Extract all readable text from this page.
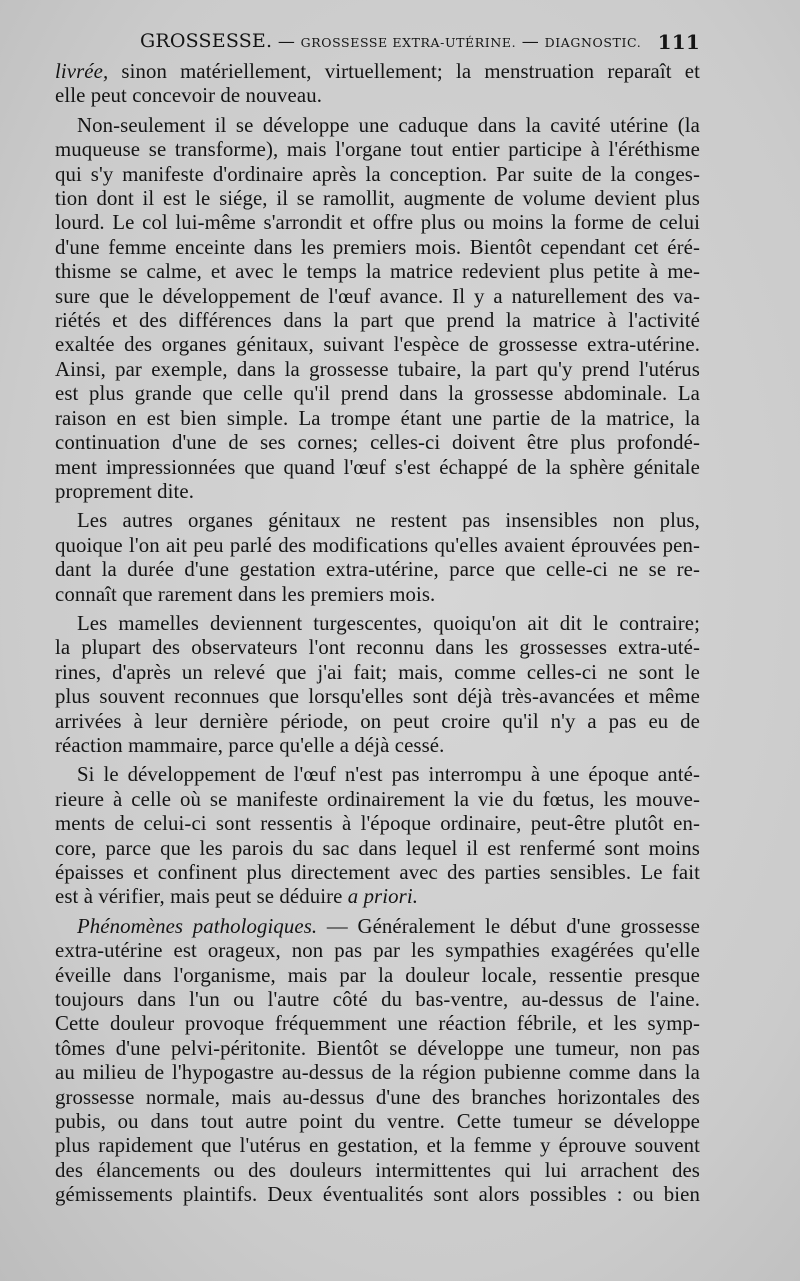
GROSSESSE. — GROSSESSE EXTRA-UTÉRINE. — DIAGNOSTIC. 111
livrée, sinon matériellement, virtuellement; la menstruation reparaît et
elle peut concevoir de nouveau.
Non-seulement il se développe une caduque dans la cavité utérine (la
muqueuse se transforme), mais l'organe tout entier participe à l'éréthisme
qui s'y manifeste d'ordinaire après la conception. Par suite de la conges-
tion dont il est le siége, il se ramollit, augmente de volume devient plus
lourd. Le col lui-même s'arrondit et offre plus ou moins la forme de celui
d'une femme enceinte dans les premiers mois. Bientôt cependant cet éré-
thisme se calme, et avec le temps la matrice redevient plus petite à me-
sure que le développement de l'œuf avance. Il y a naturellement des va-
riétés et des différences dans la part que prend la matrice à l'activité
exaltée des organes génitaux, suivant l'espèce de grossesse extra-utérine.
Ainsi, par exemple, dans la grossesse tubaire, la part qu'y prend l'utérus
est plus grande que celle qu'il prend dans la grossesse abdominale. La
raison en est bien simple. La trompe étant une partie de la matrice, la
continuation d'une de ses cornes; celles-ci doivent être plus profondé-
ment impressionnées que quand l'œuf s'est échappé de la sphère génitale
proprement dite.
Les autres organes génitaux ne restent pas insensibles non plus,
quoique l'on ait peu parlé des modifications qu'elles avaient éprouvées pen-
dant la durée d'une gestation extra-utérine, parce que celle-ci ne se re-
connaît que rarement dans les premiers mois.
Les mamelles deviennent turgescentes, quoiqu'on ait dit le contraire;
la plupart des observateurs l'ont reconnu dans les grossesses extra-uté-
rines, d'après un relevé que j'ai fait; mais, comme celles-ci ne sont le
plus souvent reconnues que lorsqu'elles sont déjà très-avancées et même
arrivées à leur dernière période, on peut croire qu'il n'y a pas eu de
réaction mammaire, parce qu'elle a déjà cessé.
Si le développement de l'œuf n'est pas interrompu à une époque anté-
rieure à celle où se manifeste ordinairement la vie du fœtus, les mouve-
ments de celui-ci sont ressentis à l'époque ordinaire, peut-être plutôt en-
core, parce que les parois du sac dans lequel il est renfermé sont moins
épaisses et confinent plus directement avec des parties sensibles. Le fait
est à vérifier, mais peut se déduire a priori.
Phénomènes pathologiques. — Généralement le début d'une grossesse
extra-utérine est orageux, non pas par les sympathies exagérées qu'elle
éveille dans l'organisme, mais par la douleur locale, ressentie presque
toujours dans l'un ou l'autre côté du bas-ventre, au-dessus de l'aine.
Cette douleur provoque fréquemment une réaction fébrile, et les symp-
tômes d'une pelvi-péritonite. Bientôt se développe une tumeur, non pas
au milieu de l'hypogastre au-dessus de la région pubienne comme dans la
grossesse normale, mais au-dessus d'une des branches horizontales des
pubis, ou dans tout autre point du ventre. Cette tumeur se développe
plus rapidement que l'utérus en gestation, et la femme y éprouve souvent
des élancements ou des douleurs intermittentes qui lui arrachent des
gémissements plaintifs. Deux éventualités sont alors possibles : ou bien
